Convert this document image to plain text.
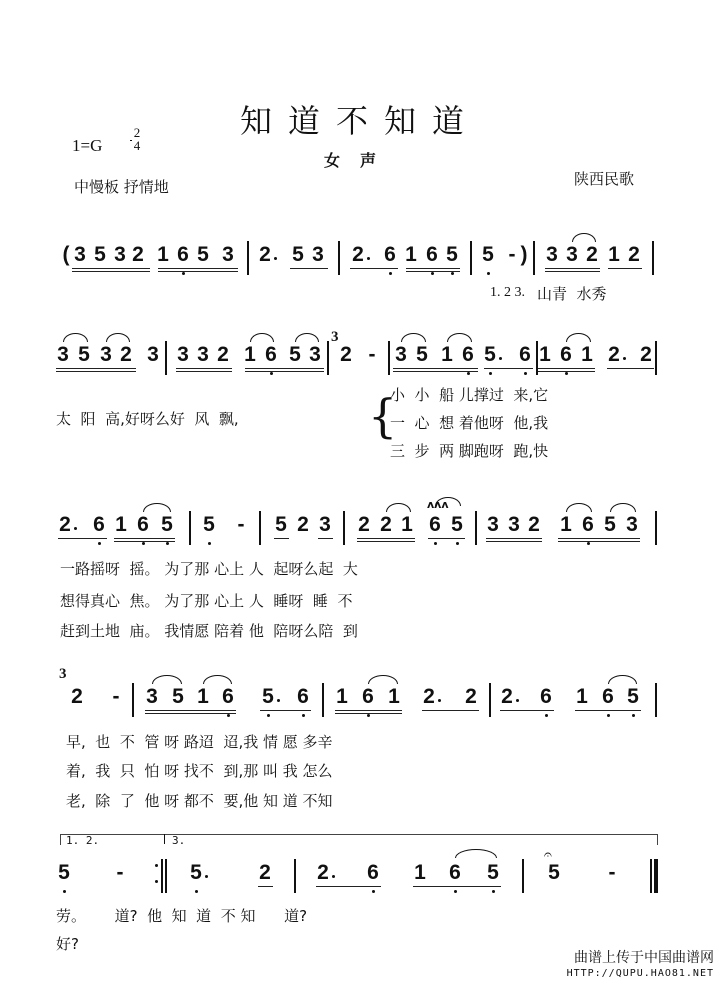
知道不知道
女声
1=G
2
4
中慢板 抒情地	陕西民歌
( 3 5 3 2 1 6 5 3 2 5 3 2 6 1 6 5 5 - ) 3 3 2 1 2
1. 2 3. 山青  水秀
3 5 3 2 3 3 3 2 1 6 5 3
3
2 - 3 5 1 6 5 6 1 6 1 2 2
太  阳  高,好呀么好  风  飘,	{
小  小  船 儿撑过  来,它
一  心  想 着他呀  他,我
三  步  两 脚跑呀  跑,快
2 6 1 6 5 5 - 5 2 3 2 2 1 6 5
ʌʌʌ
3 3 2 1 6 5 3
一路摇呀  摇。 为了那 心上 人  起呀么起  大
想得真心  焦。 为了那 心上 人  睡呀  睡  不
赶到土地  庙。 我情愿 陪着 他  陪呀么陪  到
3
2 - 3 5 1 6 5 6 1 6 1 2 2 2 6 1 6 5
早,  也  不  管 呀 路迢  迢,我 情 愿 多辛
着,  我  只  怕 呀 找不  到,那 叫 我 怎么
老,  除  了  他 呀 都不  要,他 知 道 不知
1. 2.	3.
5 -	5	2 2 6 1 6 5 5
𝄐
-
劳。      道?  他  知  道  不 知      道?
好?
曲谱上传于中国曲谱网
HTTP://QUPU.HAO81.NET
